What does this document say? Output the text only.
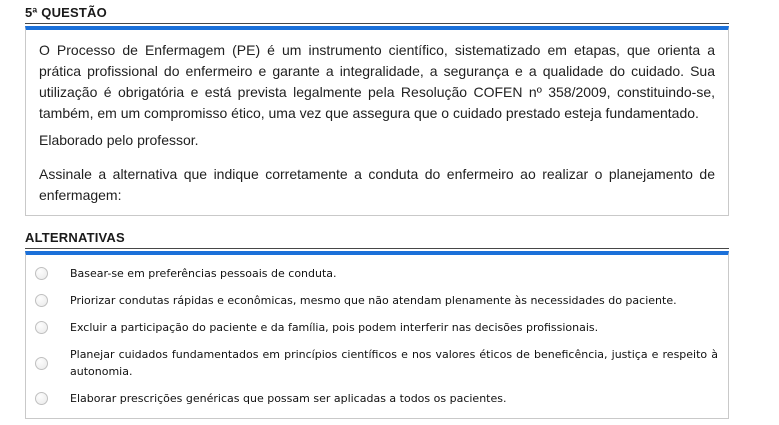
5ª QUESTÃO

O Processo de Enfermagem (PE) é um instrumento científico, sistematizado em etapas, que orienta a prática profissional do enfermeiro e garante a integralidade, a segurança e a qualidade do cuidado. Sua utilização é obrigatória e está prevista legalmente pela Resolução COFEN nº 358/2009, constituindo-se, também, em um compromisso ético, uma vez que assegura que o cuidado prestado esteja fundamentado.

Elaborado pelo professor.

Assinale a alternativa que indique corretamente a conduta do enfermeiro ao realizar o planejamento de enfermagem:

ALTERNATIVAS
Basear-se em preferências pessoais de conduta.
Priorizar condutas rápidas e econômicas, mesmo que não atendam plenamente às necessidades do paciente.
Excluir a participação do paciente e da família, pois podem interferir nas decisões profissionais.
Planejar cuidados fundamentados em princípios científicos e nos valores éticos de beneficência, justiça e respeito à autonomia.
Elaborar prescrições genéricas que possam ser aplicadas a todos os pacientes.
